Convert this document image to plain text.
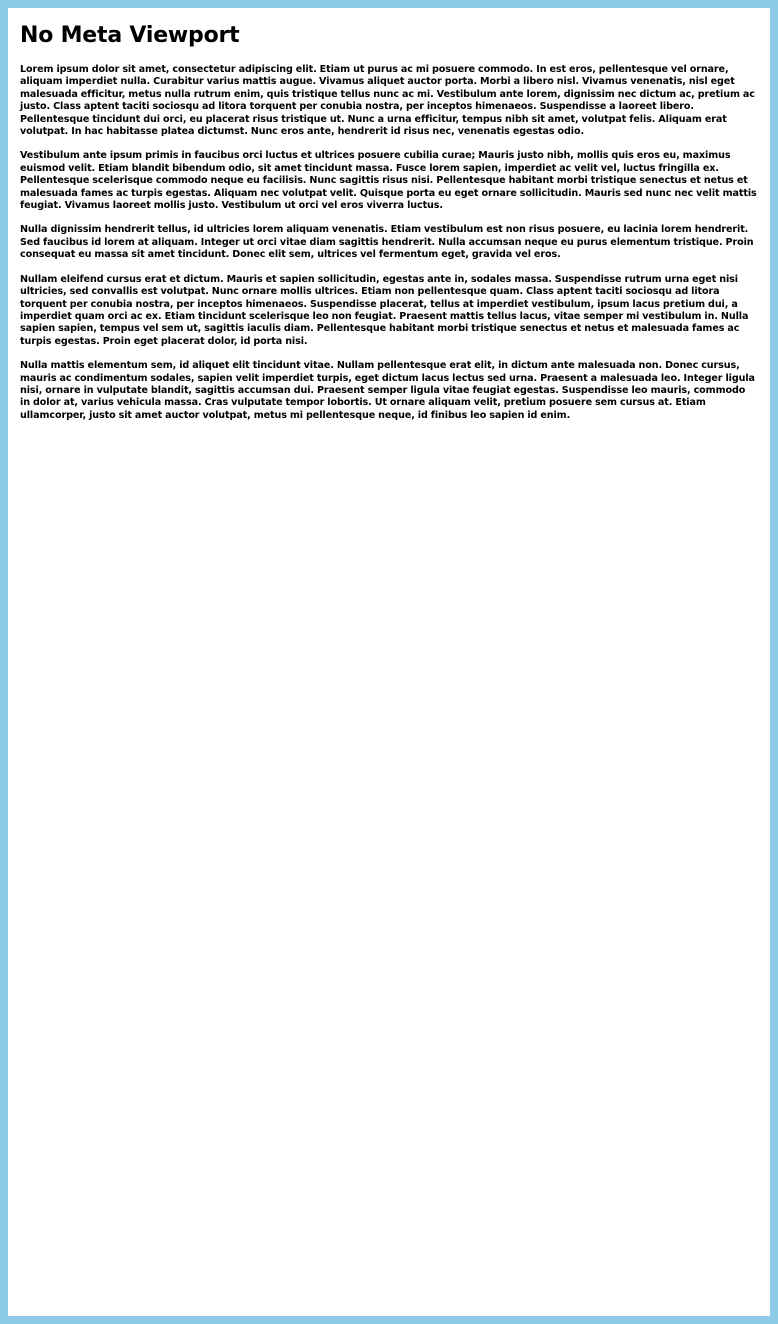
No Meta Viewport

Lorem ipsum dolor sit amet, consectetur adipiscing elit. Etiam ut purus ac mi posuere commodo. In est eros, pellentesque vel ornare, aliquam imperdiet nulla. Curabitur varius mattis augue. Vivamus aliquet auctor porta. Morbi a libero nisl. Vivamus venenatis, nisl eget malesuada efficitur, metus nulla rutrum enim, quis tristique tellus nunc ac mi. Vestibulum ante lorem, dignissim nec dictum ac, pretium ac justo. Class aptent taciti sociosqu ad litora torquent per conubia nostra, per inceptos himenaeos. Suspendisse a laoreet libero. Pellentesque tincidunt dui orci, eu placerat risus tristique ut. Nunc a urna efficitur, tempus nibh sit amet, volutpat felis. Aliquam erat volutpat. In hac habitasse platea dictumst. Nunc eros ante, hendrerit id risus nec, venenatis egestas odio.

Vestibulum ante ipsum primis in faucibus orci luctus et ultrices posuere cubilia curae; Mauris justo nibh, mollis quis eros eu, maximus euismod velit. Etiam blandit bibendum odio, sit amet tincidunt massa. Fusce lorem sapien, imperdiet ac velit vel, luctus fringilla ex. Pellentesque scelerisque commodo neque eu facilisis. Nunc sagittis risus nisi. Pellentesque habitant morbi tristique senectus et netus et malesuada fames ac turpis egestas. Aliquam nec volutpat velit. Quisque porta eu eget ornare sollicitudin. Mauris sed nunc nec velit mattis feugiat. Vivamus laoreet mollis justo. Vestibulum ut orci vel eros viverra luctus.

Nulla dignissim hendrerit tellus, id ultricies lorem aliquam venenatis. Etiam vestibulum est non risus posuere, eu lacinia lorem hendrerit. Sed faucibus id lorem at aliquam. Integer ut orci vitae diam sagittis hendrerit. Nulla accumsan neque eu purus elementum tristique. Proin consequat eu massa sit amet tincidunt. Donec elit sem, ultrices vel fermentum eget, gravida vel eros.

Nullam eleifend cursus erat et dictum. Mauris et sapien sollicitudin, egestas ante in, sodales massa. Suspendisse rutrum urna eget nisi ultricies, sed convallis est volutpat. Nunc ornare mollis ultrices. Etiam non pellentesque quam. Class aptent taciti sociosqu ad litora torquent per conubia nostra, per inceptos himenaeos. Suspendisse placerat, tellus at imperdiet vestibulum, ipsum lacus pretium dui, a imperdiet quam orci ac ex. Etiam tincidunt scelerisque leo non feugiat. Praesent mattis tellus lacus, vitae semper mi vestibulum in. Nulla sapien sapien, tempus vel sem ut, sagittis iaculis diam. Pellentesque habitant morbi tristique senectus et netus et malesuada fames ac turpis egestas. Proin eget placerat dolor, id porta nisi.

Nulla mattis elementum sem, id aliquet elit tincidunt vitae. Nullam pellentesque erat elit, in dictum ante malesuada non. Donec cursus, mauris ac condimentum sodales, sapien velit imperdiet turpis, eget dictum lacus lectus sed urna. Praesent a malesuada leo. Integer ligula nisi, ornare in vulputate blandit, sagittis accumsan dui. Praesent semper ligula vitae feugiat egestas. Suspendisse leo mauris, commodo in dolor at, varius vehicula massa. Cras vulputate tempor lobortis. Ut ornare aliquam velit, pretium posuere sem cursus at. Etiam ullamcorper, justo sit amet auctor volutpat, metus mi pellentesque neque, id finibus leo sapien id enim.
